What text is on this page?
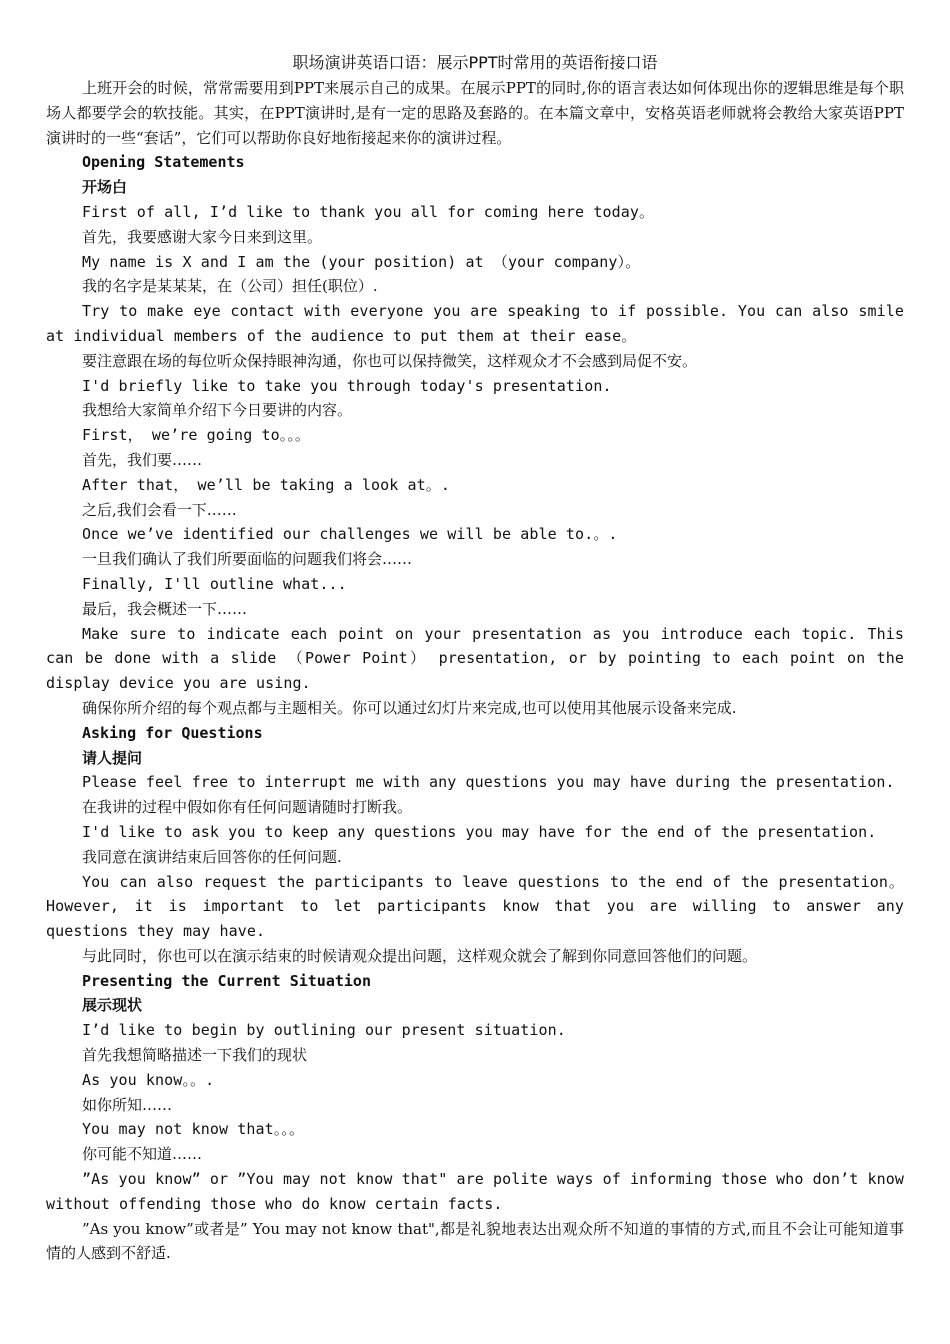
职场演讲英语口语：展示PPT时常用的英语衔接口语

上班开会的时候，常常需要用到PPT来展示自己的成果。在展示PPT的同时,你的语言表达如何体现出你的逻辑思维是每个职场人都要学会的软技能。其实，在PPT演讲时,是有一定的思路及套路的。在本篇文章中，安格英语老师就将会教给大家英语PPT演讲时的一些“套话”，它们可以帮助你良好地衔接起来你的演讲过程。

Opening Statements

开场白

First of all, I’d like to thank you all for coming here today。

首先，我要感谢大家今日来到这里。

My name is X and I am the (your position) at （your company）。

我的名字是某某某，在（公司）担任(职位）.

Try to make eye contact with everyone you are speaking to if possible. You can also smile at individual members of the audience to put them at their ease。

要注意跟在场的每位听众保持眼神沟通，你也可以保持微笑，这样观众才不会感到局促不安。

I'd briefly like to take you through today's presentation.

我想给大家简单介绍下今日要讲的内容。

First， we’re going to。。。

首先，我们要……

After that， we’ll be taking a look at。.

之后,我们会看一下……

Once we’ve identified our challenges we will be able to.。.

一旦我们确认了我们所要面临的问题我们将会……

Finally, I'll outline what...

最后，我会概述一下……

Make sure to indicate each point on your presentation as you introduce each topic. This can be done with a slide （Power Point） presentation, or by pointing to each point on the display device you are using.

确保你所介绍的每个观点都与主题相关。你可以通过幻灯片来完成,也可以使用其他展示设备来完成.

Asking for Questions

请人提问

Please feel free to interrupt me with any questions you may have during the presentation.

在我讲的过程中假如你有任何问题请随时打断我。

I'd like to ask you to keep any questions you may have for the end of the presentation.

我同意在演讲结束后回答你的任何问题.

You can also request the participants to leave questions to the end of the presentation。However, it is important to let participants know that you are willing to answer any questions they may have.

与此同时，你也可以在演示结束的时候请观众提出问题，这样观众就会了解到你同意回答他们的问题。

Presenting the Current Situation

展示现状

I’d like to begin by outlining our present situation.

首先我想简略描述一下我们的现状

As you know。。.

如你所知……

You may not know that。。。

你可能不知道……

”As you know” or ”You may not know that" are polite ways of informing those who don’t know without offending those who do know certain facts.

”As you know”或者是” You may not know that",都是礼貌地表达出观众所不知道的事情的方式,而且不会让可能知道事情的人感到不舒适.
